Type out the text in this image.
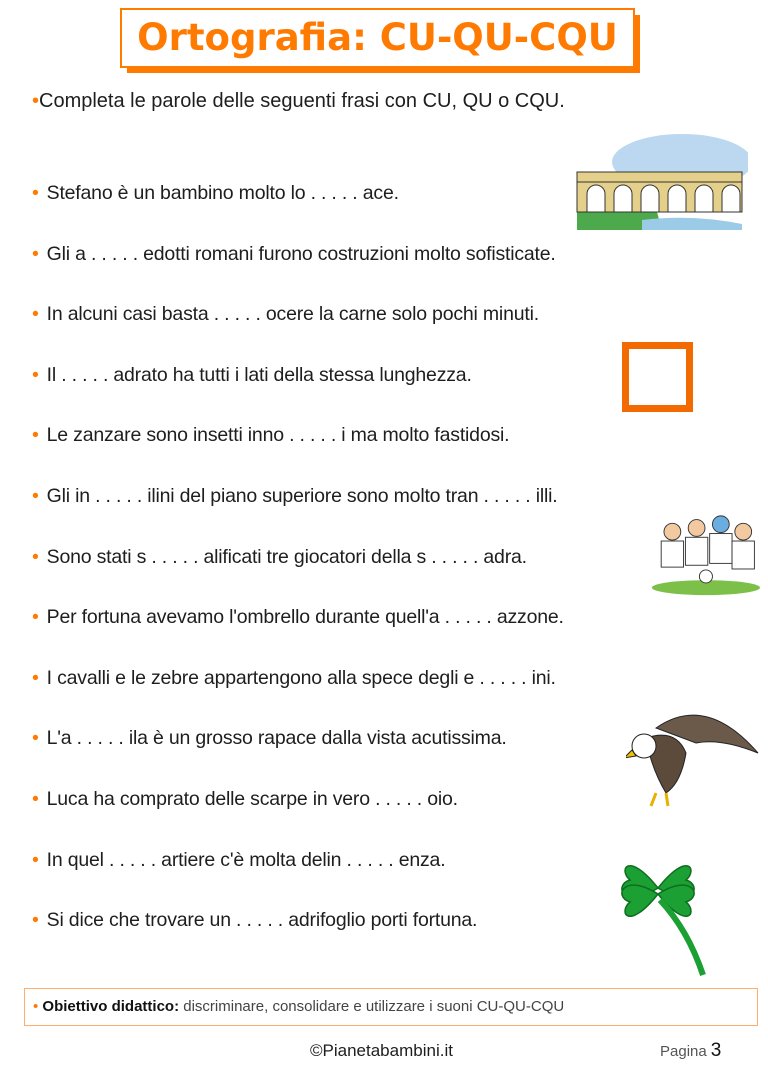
Ortografia: CU-QU-CQU
•Completa le parole delle seguenti frasi con CU, QU o CQU.
• Stefano è un bambino molto lo . . . . . ace.
• Gli a . . . . . edotti romani furono costruzioni molto sofisticate.
• In alcuni casi basta . . . . . ocere la carne solo pochi minuti.
• Il . . . . . adrato ha tutti i lati della stessa lunghezza.
• Le zanzare sono insetti inno . . . . . i ma molto fastidosi.
• Gli in . . . . . ilini del piano superiore sono molto tran . . . . . illi.
• Sono stati s . . . . . alificati tre giocatori della s . . . . . adra.
• Per fortuna avevamo l'ombrello durante quell'a . . . . . azzone.
• I cavalli e le zebre appartengono alla spece degli e . . . . . ini.
• L'a . . . . . ila è un grosso rapace dalla vista acutissima.
• Luca ha comprato delle scarpe in vero . . . . . oio.
• In quel . . . . . artiere c'è molta delin . . . . . enza.
• Si dice che trovare un . . . . . adrifoglio porti fortuna.
• Obiettivo didattico: discriminare, consolidare e utilizzare i suoni CU-QU-CQU
©Pianetabambini.it	Pagina 3
